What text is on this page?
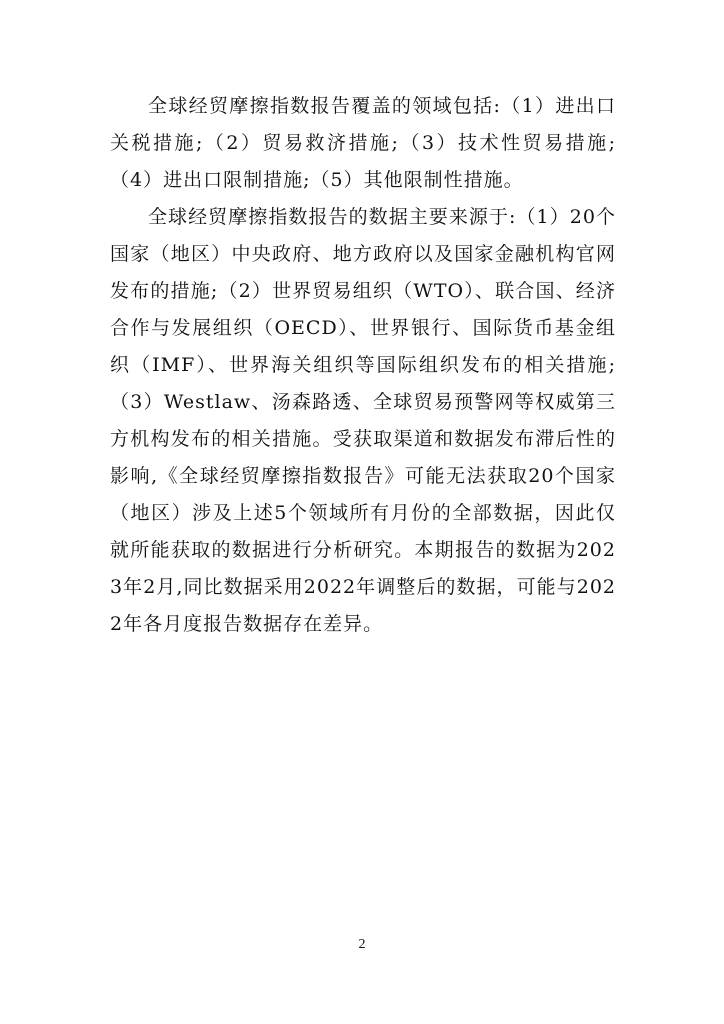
全球经贸摩擦指数报告覆盖的领域包括:（1）进出口关税措施;（2）贸易救济措施;（3）技术性贸易措施;（4）进出口限制措施;（5）其他限制性措施。

全球经贸摩擦指数报告的数据主要来源于:（1）20个国家（地区）中央政府、地方政府以及国家金融机构官网发布的措施;（2）世界贸易组织（WTO）、联合国、经济合作与发展组织（OECD）、世界银行、国际货币基金组织（IMF）、世界海关组织等国际组织发布的相关措施;（3）Westlaw、汤森路透、全球贸易预警网等权威第三方机构发布的相关措施。受获取渠道和数据发布滞后性的影响,《全球经贸摩擦指数报告》可能无法获取20个国家（地区）涉及上述5个领域所有月份的全部数据，因此仅就所能获取的数据进行分析研究。本期报告的数据为2023年2月,同比数据采用2022年调整后的数据，可能与2022年各月度报告数据存在差异。

2
